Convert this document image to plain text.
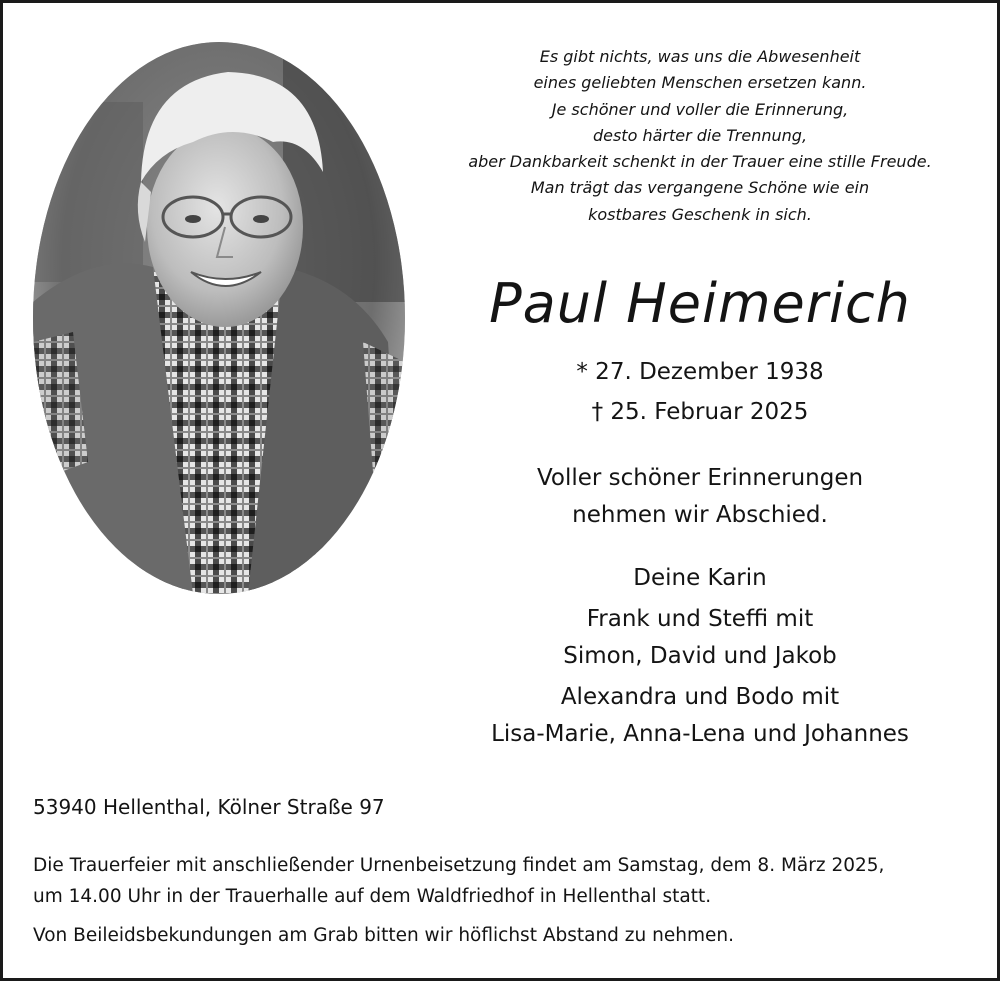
Es gibt nichts, was uns die Abwesenheit
eines geliebten Menschen ersetzen kann.
Je schöner und voller die Erinnerung,
desto härter die Trennung,
aber Dankbarkeit schenkt in der Trauer eine stille Freude.
Man trägt das vergangene Schöne wie ein
kostbares Geschenk in sich.
Paul Heimerich
* 27. Dezember 1938
† 25. Februar 2025
Voller schöner Erinnerungen
nehmen wir Abschied.
Deine Karin
Frank und Steffi mit
Simon, David und Jakob
Alexandra und Bodo mit
Lisa-Marie, Anna-Lena und Johannes
53940 Hellenthal, Kölner Straße 97
Die Trauerfeier mit anschließender Urnenbeisetzung findet am Samstag, dem 8. März 2025,
um 14.00 Uhr in der Trauerhalle auf dem Waldfriedhof in Hellenthal statt.
Von Beileidsbekundungen am Grab bitten wir höflichst Abstand zu nehmen.
